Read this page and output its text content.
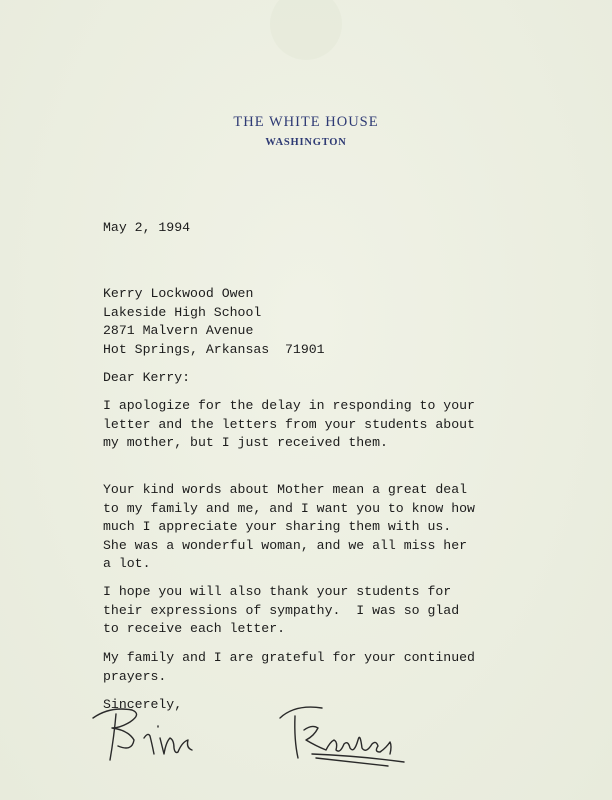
THE WHITE HOUSE
WASHINGTON
May 2, 1994
Kerry Lockwood Owen
Lakeside High School
2871 Malvern Avenue
Hot Springs, Arkansas  71901
Dear Kerry:
I apologize for the delay in responding to your
letter and the letters from your students about
my mother, but I just received them.
Your kind words about Mother mean a great deal
to my family and me, and I want you to know how
much I appreciate your sharing them with us.
She was a wonderful woman, and we all miss her
a lot.
I hope you will also thank your students for
their expressions of sympathy.  I was so glad
to receive each letter.
My family and I are grateful for your continued
prayers.
Sincerely,
